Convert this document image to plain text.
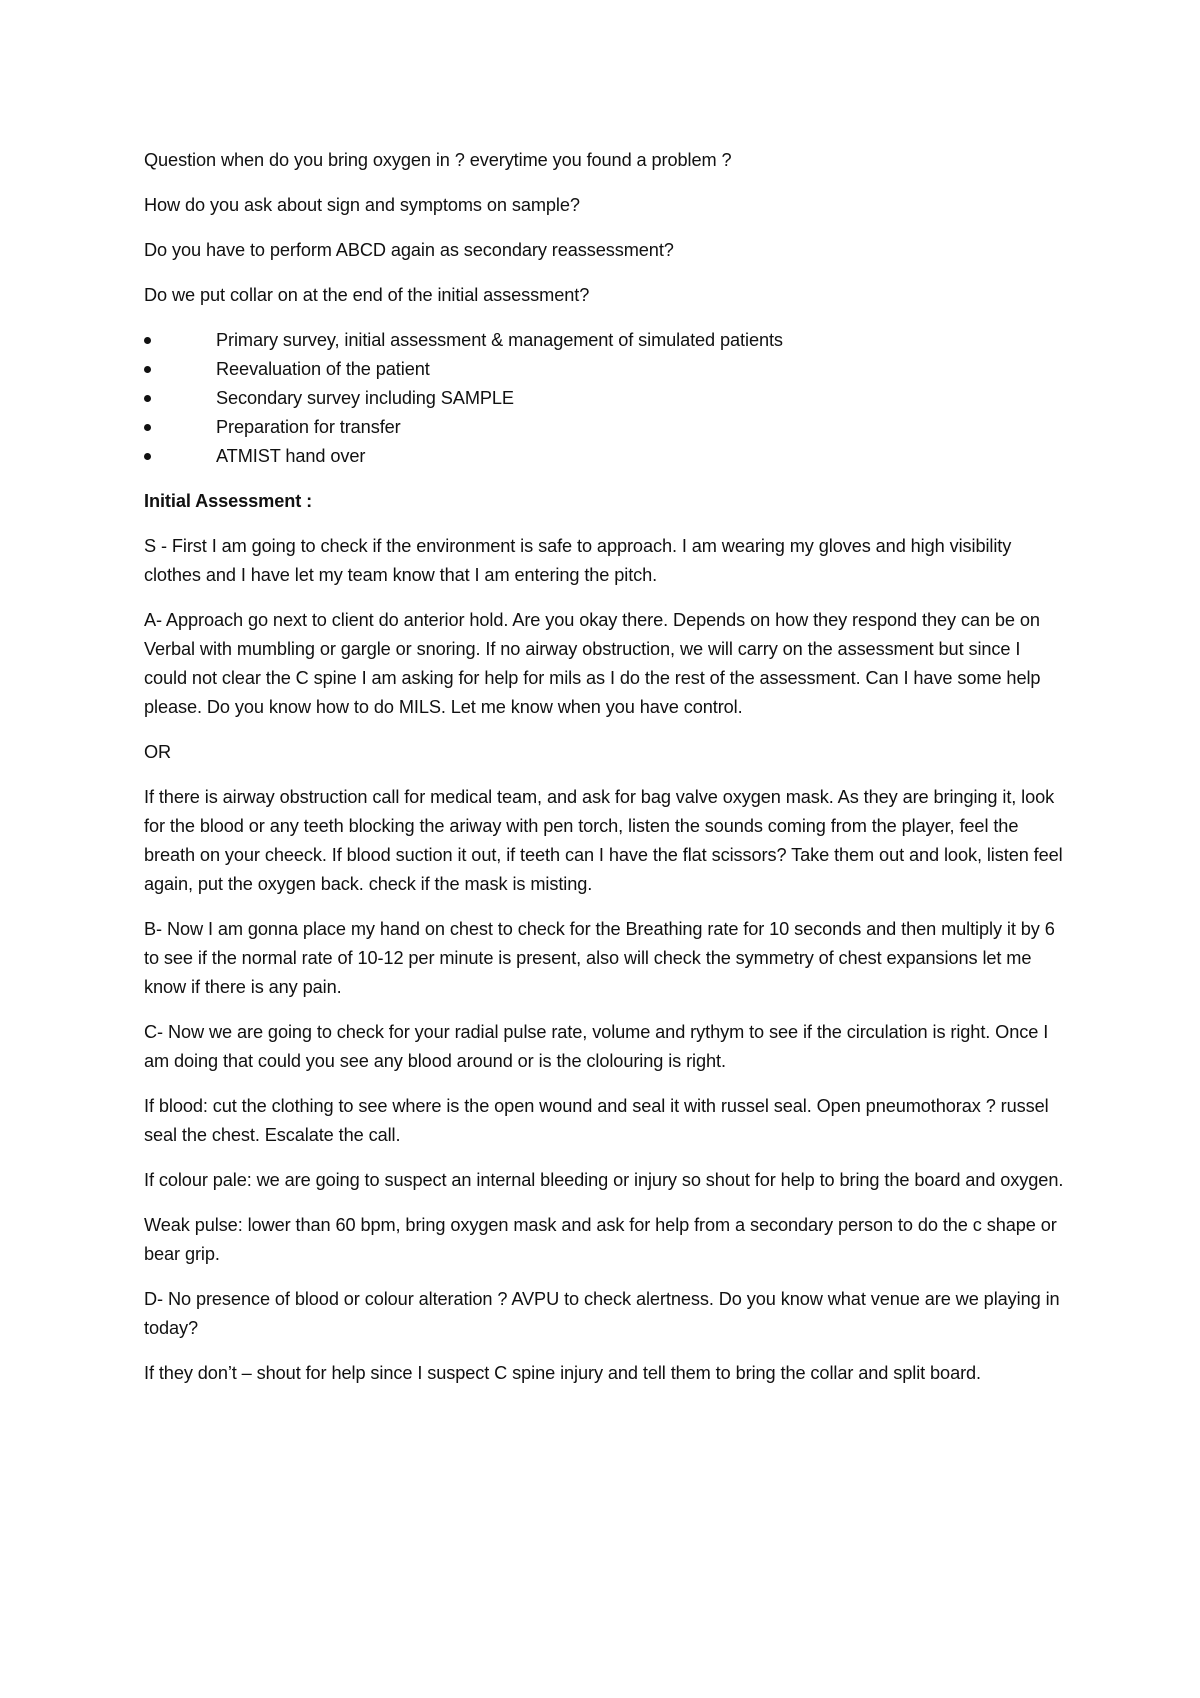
Question when do you bring oxygen in ? everytime you found a problem ?

How do you ask about sign and symptoms on sample?

Do you have to perform ABCD again as secondary reassessment?

Do we put collar on at the end of the initial assessment?

Primary survey, initial assessment & management of simulated patients
Reevaluation of the patient
Secondary survey including SAMPLE
Preparation for transfer
ATMIST hand over

Initial Assessment :

S - First I am going to check if the environment is safe to approach. I am wearing my gloves and high visibility clothes and I have let my team know that I am entering the pitch.

A- Approach go next to client do anterior hold. Are you okay there. Depends on how they respond they can be on Verbal with mumbling or gargle or snoring. If no airway obstruction, we will carry on the assessment but since I could not clear the C spine I am asking for help for mils as I do the rest of the assessment. Can I have some help please. Do you know how to do MILS. Let me know when you have control.

OR

If there is airway obstruction call for medical team, and ask for bag valve oxygen mask. As they are bringing it, look for the blood or any teeth blocking the ariway with pen torch, listen the sounds coming from the player, feel the breath on your cheeck. If blood suction it out, if teeth can I have the flat scissors? Take them out and look, listen feel again, put the oxygen back. check if the mask is misting.

B- Now I am gonna place my hand on chest to check for the Breathing rate for 10 seconds and then multiply it by 6 to see if the normal rate of 10-12 per minute is present, also will check the symmetry of chest expansions let me know if there is any pain.

C- Now we are going to check for your radial pulse rate, volume and rythym to see if the circulation is right. Once I am doing that could you see any blood around or is the clolouring is right.

If blood: cut the clothing to see where is the open wound and seal it with russel seal. Open pneumothorax ? russel seal the chest. Escalate the call.

If colour pale: we are going to suspect an internal bleeding or injury so shout for help to bring the board and oxygen.

Weak pulse: lower than 60 bpm, bring oxygen mask and ask for help from a secondary person to do the c shape or bear grip.

D- No presence of blood or colour alteration ? AVPU to check alertness. Do you know what venue are we playing in today?

If they don’t – shout for help since I suspect C spine injury and tell them to bring the collar and split board.
